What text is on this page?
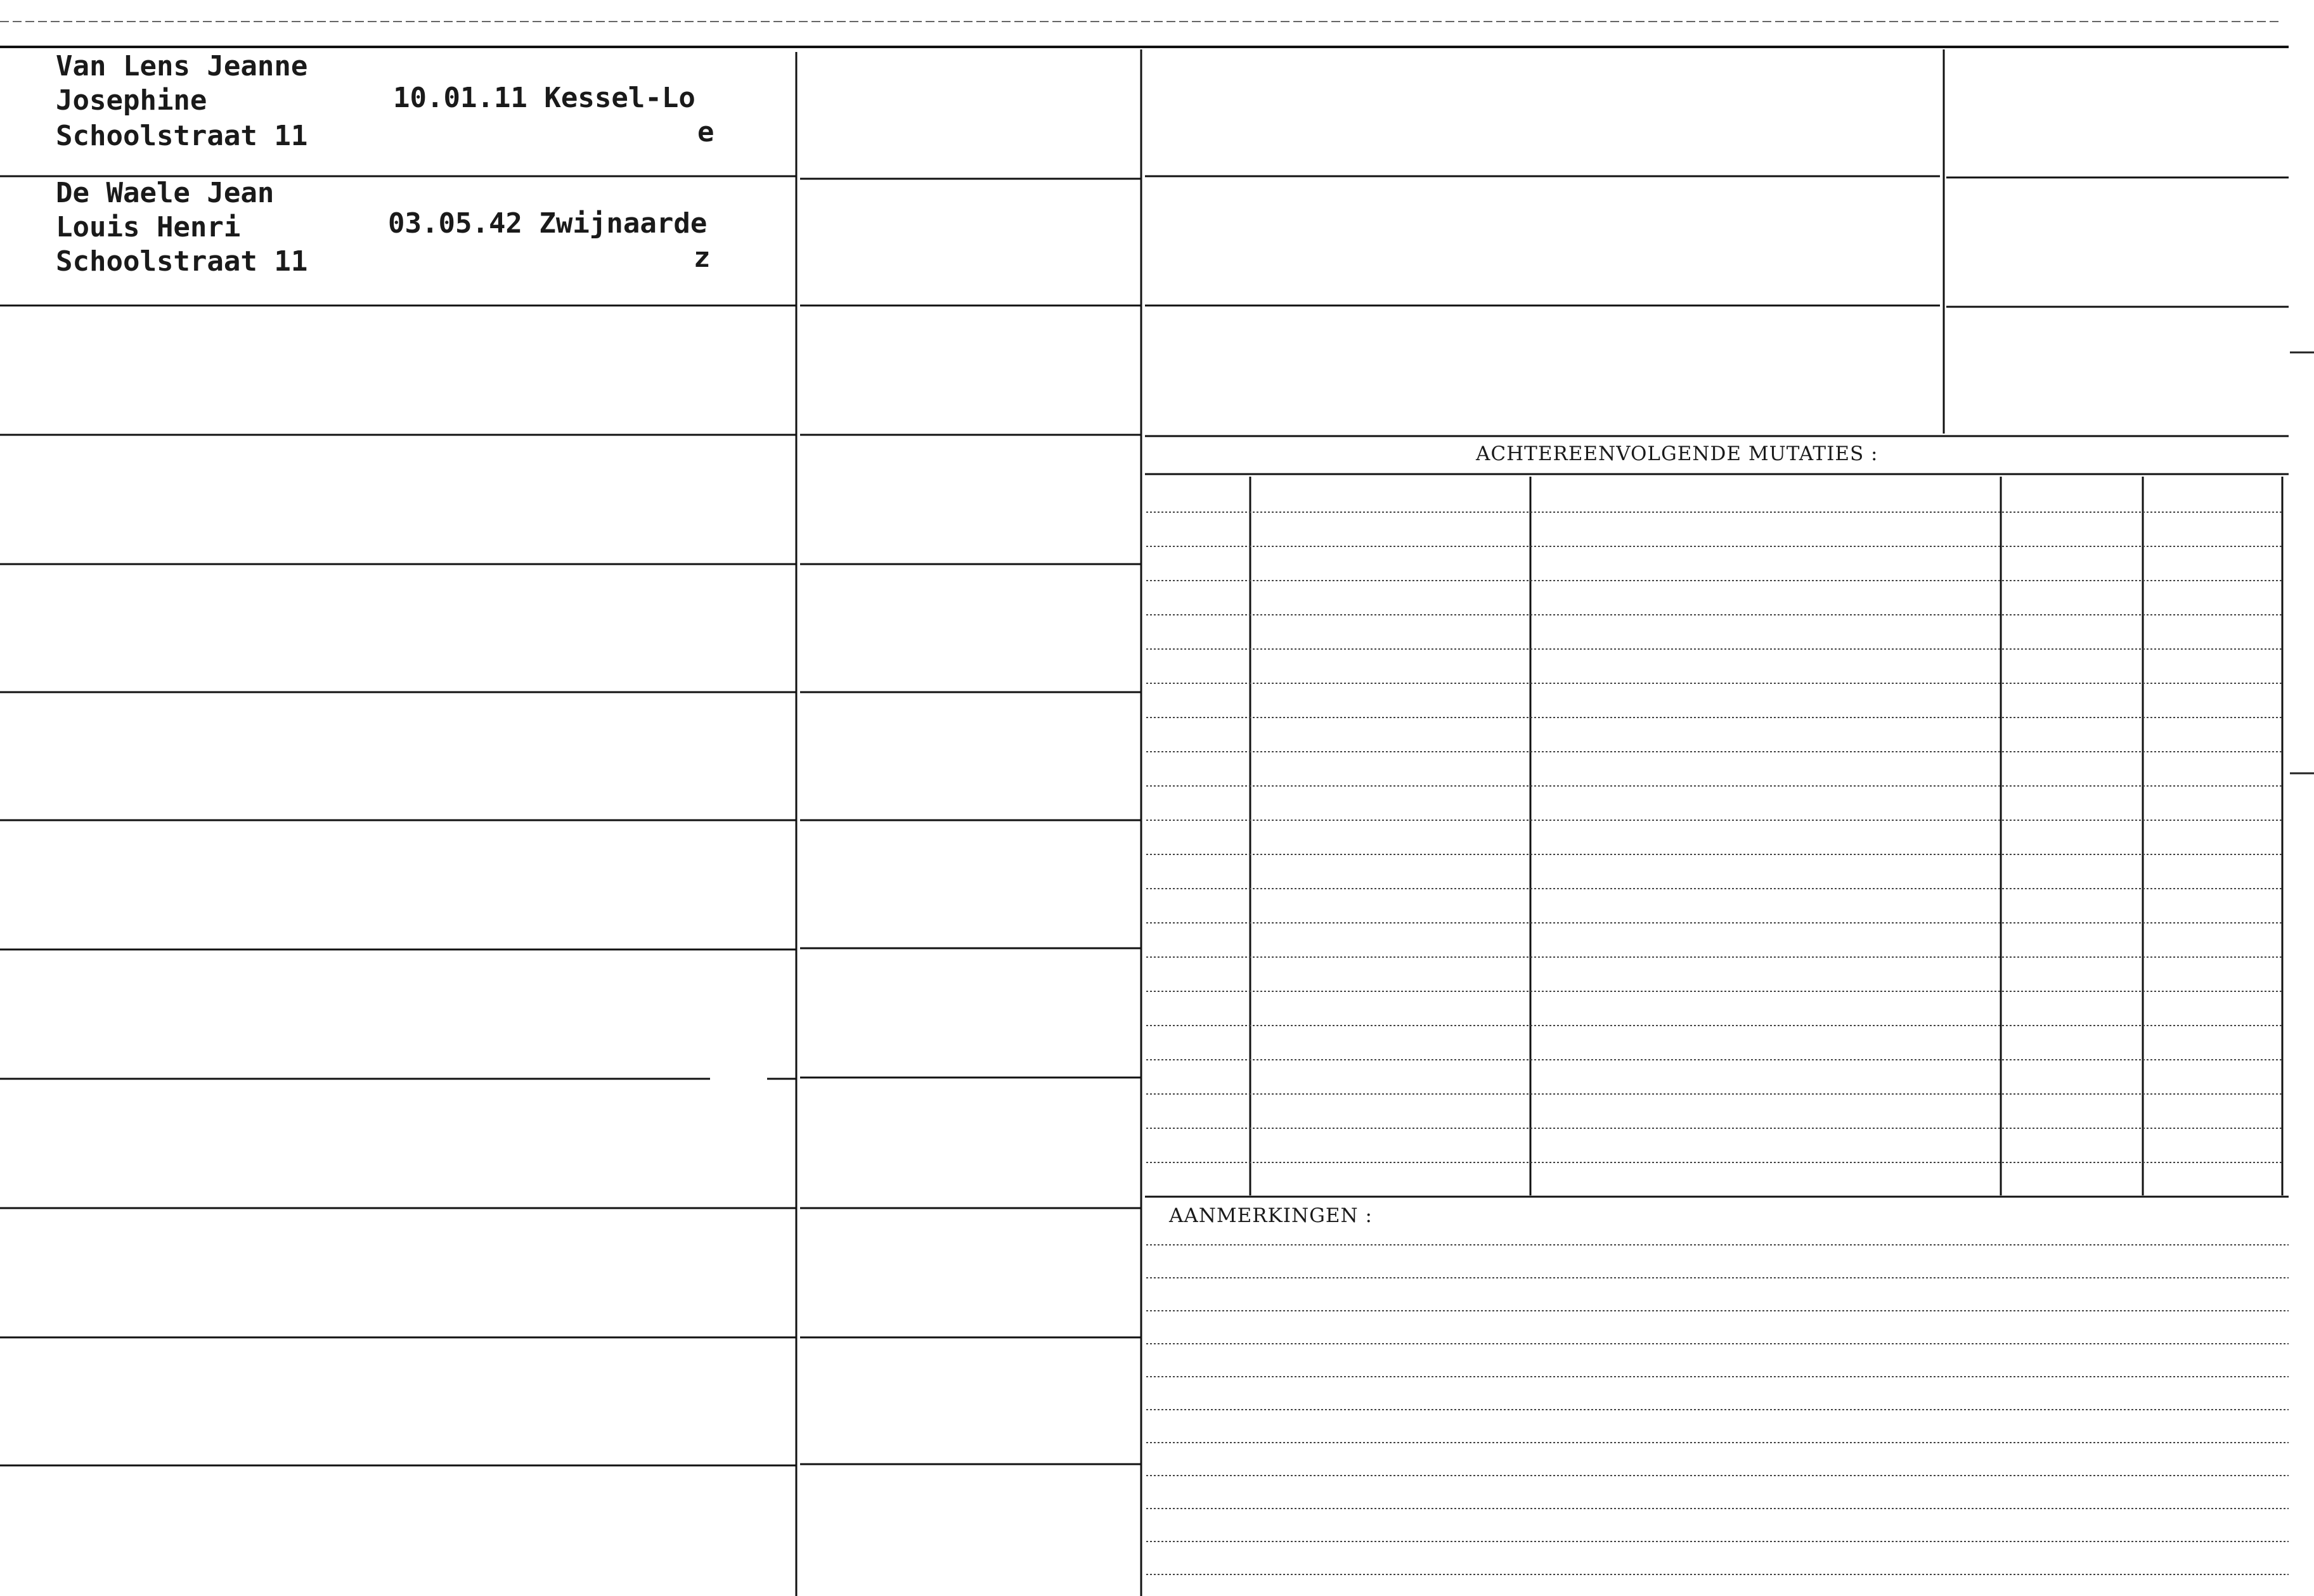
Van Lens Jeanne
Josephine
Schoolstraat 11
10.01.11 Kessel-Lo
e
De Waele Jean
Louis Henri
Schoolstraat 11
03.05.42 Zwijnaarde
z
ACHTEREENVOLGENDE MUTATIES :
AANMERKINGEN :
